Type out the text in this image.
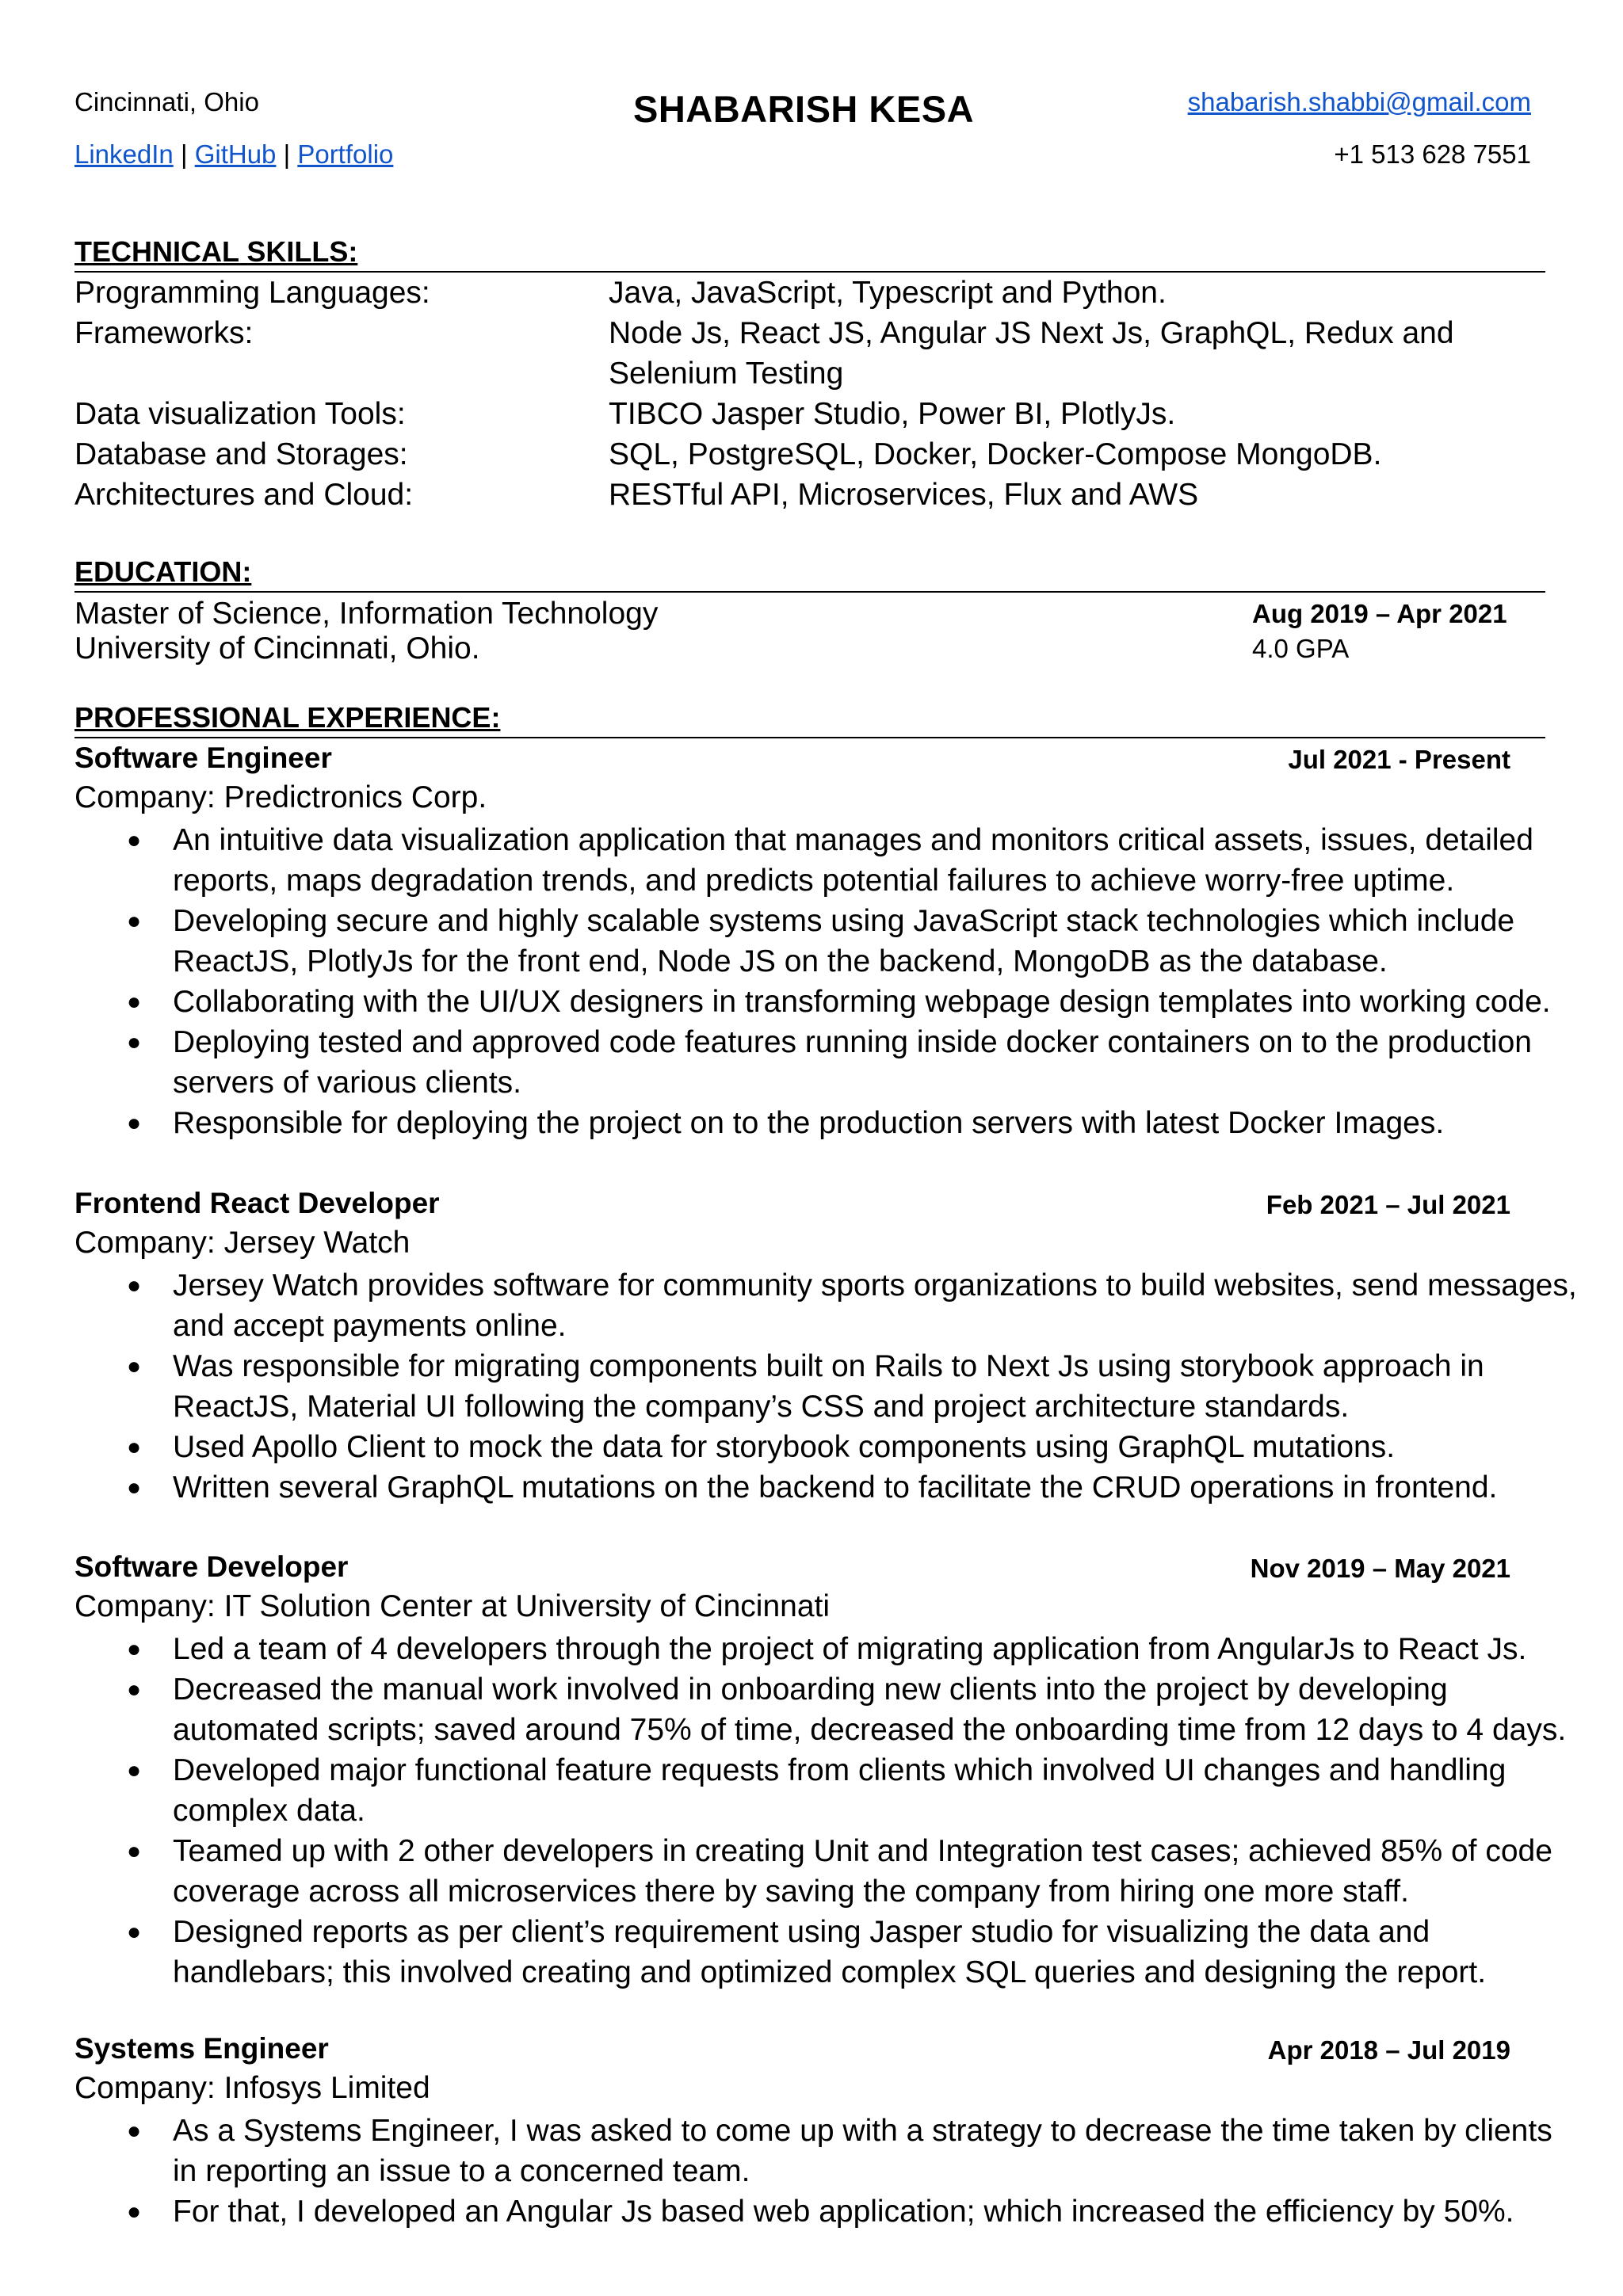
Cincinnati, Ohio	SHABARISH KESA	shabarish.shabbi@gmail.com
LinkedIn | GitHub | Portfolio	+1 513 628 7551
TECHNICAL SKILLS:
Programming Languages:	Java, JavaScript, Typescript and Python.
Frameworks:	Node Js, React JS, Angular JS Next Js, GraphQL, Redux and Selenium Testing
Data visualization Tools:	TIBCO Jasper Studio, Power BI, PlotlyJs.
Database and Storages:	SQL, PostgreSQL, Docker, Docker-Compose MongoDB.
Architectures and Cloud:	RESTful API, Microservices, Flux and AWS
EDUCATION:
Master of Science, Information Technology	Aug 2019 – Apr 2021
University of Cincinnati, Ohio.	4.0 GPA
PROFESSIONAL EXPERIENCE:
Software Engineer	Jul 2021 - Present
Company: Predictronics Corp.
● An intuitive data visualization application that manages and monitors critical assets, issues, detailed reports, maps degradation trends, and predicts potential failures to achieve worry-free uptime.
● Developing secure and highly scalable systems using JavaScript stack technologies which include ReactJS, PlotlyJs for the front end, Node JS on the backend, MongoDB as the database.
● Collaborating with the UI/UX designers in transforming webpage design templates into working code.
● Deploying tested and approved code features running inside docker containers on to the production servers of various clients.
● Responsible for deploying the project on to the production servers with latest Docker Images.
Frontend React Developer	Feb 2021 – Jul 2021
Company: Jersey Watch
● Jersey Watch provides software for community sports organizations to build websites, send messages, and accept payments online.
● Was responsible for migrating components built on Rails to Next Js using storybook approach in ReactJS, Material UI following the company’s CSS and project architecture standards.
● Used Apollo Client to mock the data for storybook components using GraphQL mutations.
● Written several GraphQL mutations on the backend to facilitate the CRUD operations in frontend.
Software Developer	Nov 2019 – May 2021
Company: IT Solution Center at University of Cincinnati
● Led a team of 4 developers through the project of migrating application from AngularJs to React Js.
● Decreased the manual work involved in onboarding new clients into the project by developing automated scripts; saved around 75% of time, decreased the onboarding time from 12 days to 4 days.
● Developed major functional feature requests from clients which involved UI changes and handling complex data.
● Teamed up with 2 other developers in creating Unit and Integration test cases; achieved 85% of code coverage across all microservices there by saving the company from hiring one more staff.
● Designed reports as per client’s requirement using Jasper studio for visualizing the data and handlebars; this involved creating and optimized complex SQL queries and designing the report.
Systems Engineer	Apr 2018 – Jul 2019
Company: Infosys Limited
● As a Systems Engineer, I was asked to come up with a strategy to decrease the time taken by clients in reporting an issue to a concerned team.
● For that, I developed an Angular Js based web application; which increased the efficiency by 50%.
